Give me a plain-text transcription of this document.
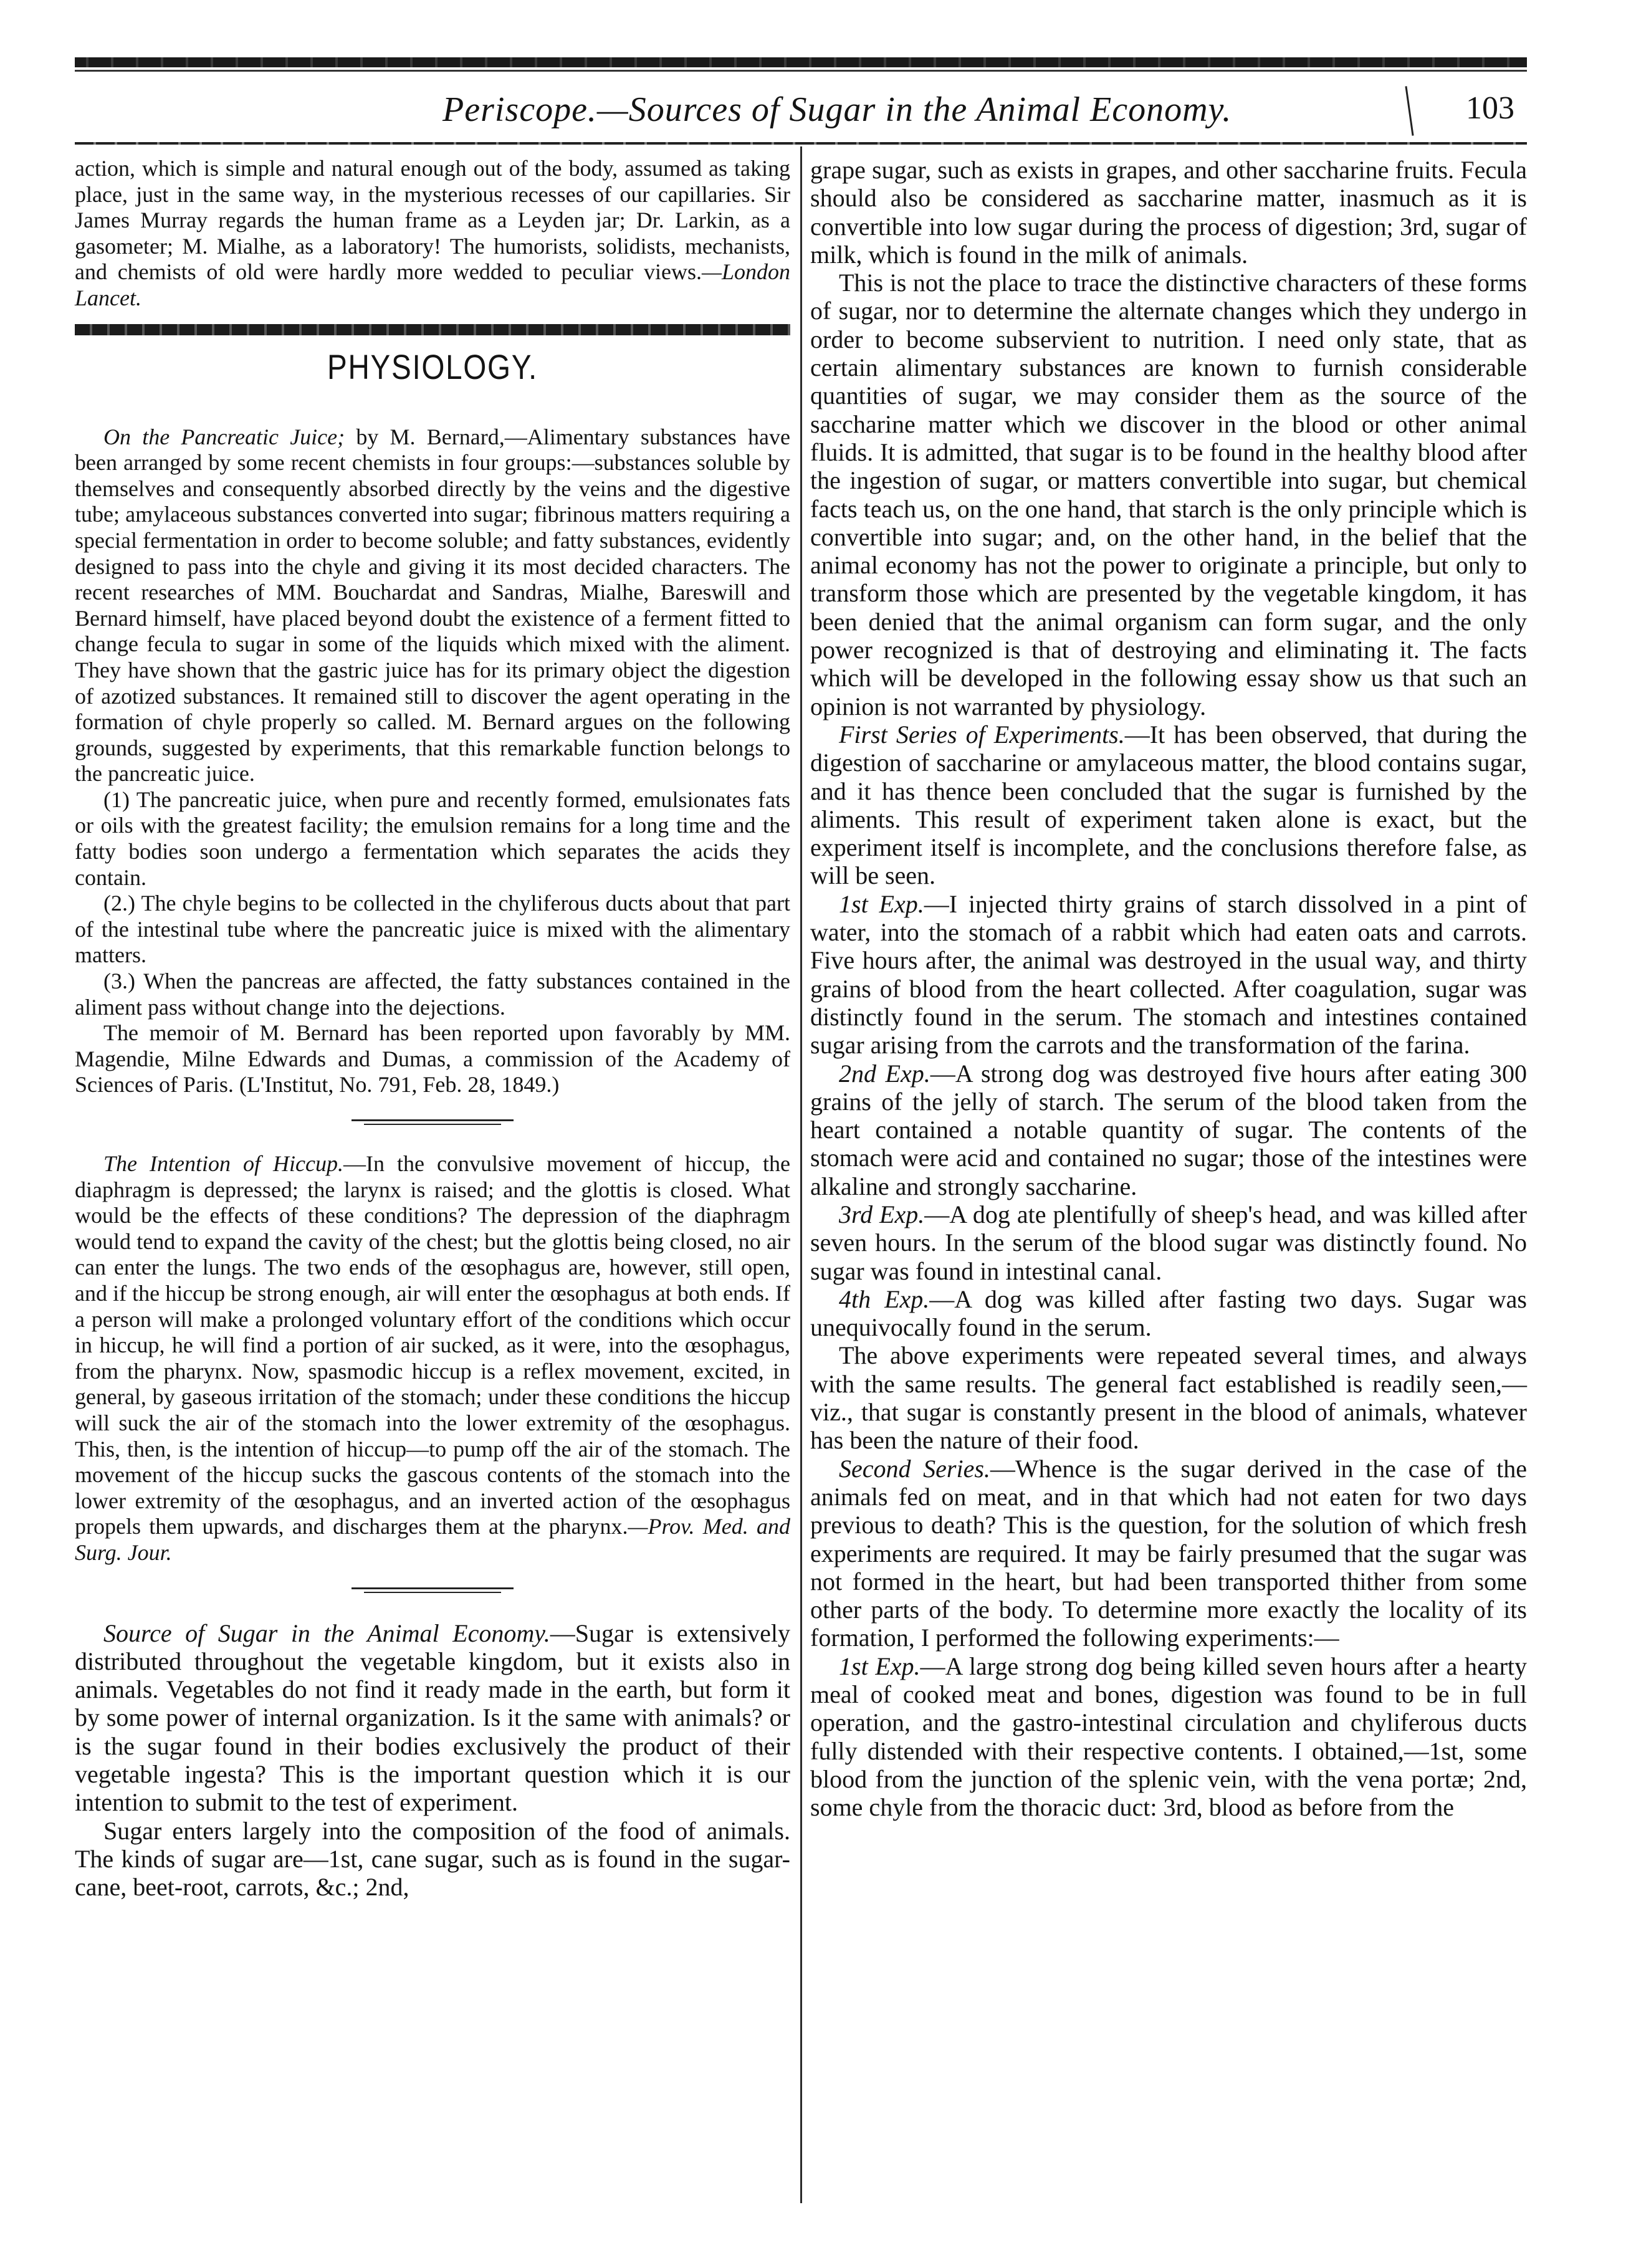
Periscope.—Sources of Sugar in the Animal Economy.	103

action, which is simple and natural enough out of the body, assumed as taking place, just in the same way, in the mysterious recesses of our capillaries. Sir James Murray regards the human frame as a Leyden jar; Dr. Larkin, as a gasometer; M. Mialhe, as a laboratory! The humorists, solidists, mechanists, and chemists of old were hardly more wedded to peculiar views.—London Lancet.

PHYSIOLOGY.

On the Pancreatic Juice; by M. Bernard,—Alimentary substances have been arranged by some recent chemists in four groups:—substances soluble by themselves and consequently absorbed directly by the veins and the digestive tube; amylaceous substances converted into sugar; fibrinous matters requiring a special fermentation in order to become soluble; and fatty substances, evidently designed to pass into the chyle and giving it its most decided characters. The recent researches of MM. Bouchardat and Sandras, Mialhe, Bareswill and Bernard himself, have placed beyond doubt the existence of a ferment fitted to change fecula to sugar in some of the liquids which mixed with the aliment. They have shown that the gastric juice has for its primary object the digestion of azotized substances. It remained still to discover the agent operating in the formation of chyle properly so called. M. Bernard argues on the following grounds, suggested by experiments, that this remarkable function belongs to the pancreatic juice.

(1) The pancreatic juice, when pure and recently formed, emulsionates fats or oils with the greatest facility; the emulsion remains for a long time and the fatty bodies soon undergo a fermentation which separates the acids they contain.

(2.) The chyle begins to be collected in the chyliferous ducts about that part of the intestinal tube where the pancreatic juice is mixed with the alimentary matters.

(3.) When the pancreas are affected, the fatty substances contained in the aliment pass without change into the dejections.

The memoir of M. Bernard has been reported upon favorably by MM. Magendie, Milne Edwards and Dumas, a commission of the Academy of Sciences of Paris. (L'Institut, No. 791, Feb. 28, 1849.)

The Intention of Hiccup.—In the convulsive movement of hiccup, the diaphragm is depressed; the larynx is raised; and the glottis is closed. What would be the effects of these conditions? The depression of the diaphragm would tend to expand the cavity of the chest; but the glottis being closed, no air can enter the lungs. The two ends of the œsophagus are, however, still open, and if the hiccup be strong enough, air will enter the œsophagus at both ends. If a person will make a prolonged voluntary effort of the conditions which occur in hiccup, he will find a portion of air sucked, as it were, into the œsophagus, from the pharynx. Now, spasmodic hiccup is a reflex movement, excited, in general, by gaseous irritation of the stomach; under these conditions the hiccup will suck the air of the stomach into the lower extremity of the œsophagus. This, then, is the intention of hiccup—to pump off the air of the stomach. The movement of the hiccup sucks the gascous contents of the stomach into the lower extremity of the œsophagus, and an inverted action of the œsophagus propels them upwards, and discharges them at the pharynx.—Prov. Med. and Surg. Jour.

Source of Sugar in the Animal Economy.—Sugar is extensively distributed throughout the vegetable kingdom, but it exists also in animals. Vegetables do not find it ready made in the earth, but form it by some power of internal organization. Is it the same with animals? or is the sugar found in their bodies exclusively the product of their vegetable ingesta? This is the important question which it is our intention to submit to the test of experiment.

Sugar enters largely into the composition of the food of animals. The kinds of sugar are—1st, cane sugar, such as is found in the sugar-cane, beet-root, carrots, &c.; 2nd,

grape sugar, such as exists in grapes, and other saccharine fruits. Fecula should also be considered as saccharine matter, inasmuch as it is convertible into low sugar during the process of digestion; 3rd, sugar of milk, which is found in the milk of animals.

This is not the place to trace the distinctive characters of these forms of sugar, nor to determine the alternate changes which they undergo in order to become subservient to nutrition. I need only state, that as certain alimentary substances are known to furnish considerable quantities of sugar, we may consider them as the source of the saccharine matter which we discover in the blood or other animal fluids. It is admitted, that sugar is to be found in the healthy blood after the ingestion of sugar, or matters convertible into sugar, but chemical facts teach us, on the one hand, that starch is the only principle which is convertible into sugar; and, on the other hand, in the belief that the animal economy has not the power to originate a principle, but only to transform those which are presented by the vegetable kingdom, it has been denied that the animal organism can form sugar, and the only power recognized is that of destroying and eliminating it. The facts which will be developed in the following essay show us that such an opinion is not warranted by physiology.

First Series of Experiments.—It has been observed, that during the digestion of saccharine or amylaceous matter, the blood contains sugar, and it has thence been concluded that the sugar is furnished by the aliments. This result of experiment taken alone is exact, but the experiment itself is incomplete, and the conclusions therefore false, as will be seen.

1st Exp.—I injected thirty grains of starch dissolved in a pint of water, into the stomach of a rabbit which had eaten oats and carrots. Five hours after, the animal was destroyed in the usual way, and thirty grains of blood from the heart collected. After coagulation, sugar was distinctly found in the serum. The stomach and intestines contained sugar arising from the carrots and the transformation of the farina.

2nd Exp.—A strong dog was destroyed five hours after eating 300 grains of the jelly of starch. The serum of the blood taken from the heart contained a notable quantity of sugar. The contents of the stomach were acid and contained no sugar; those of the intestines were alkaline and strongly saccharine.

3rd Exp.—A dog ate plentifully of sheep's head, and was killed after seven hours. In the serum of the blood sugar was distinctly found. No sugar was found in intestinal canal.

4th Exp.—A dog was killed after fasting two days. Sugar was unequivocally found in the serum.

The above experiments were repeated several times, and always with the same results. The general fact established is readily seen,—viz., that sugar is constantly present in the blood of animals, whatever has been the nature of their food.

Second Series.—Whence is the sugar derived in the case of the animals fed on meat, and in that which had not eaten for two days previous to death? This is the question, for the solution of which fresh experiments are required. It may be fairly presumed that the sugar was not formed in the heart, but had been transported thither from some other parts of the body. To determine more exactly the locality of its formation, I performed the following experiments:—

1st Exp.—A large strong dog being killed seven hours after a hearty meal of cooked meat and bones, digestion was found to be in full operation, and the gastro-intestinal circulation and chyliferous ducts fully distended with their respective contents. I obtained,—1st, some blood from the junction of the splenic vein, with the vena portæ; 2nd, some chyle from the thoracic duct: 3rd, blood as before from the
